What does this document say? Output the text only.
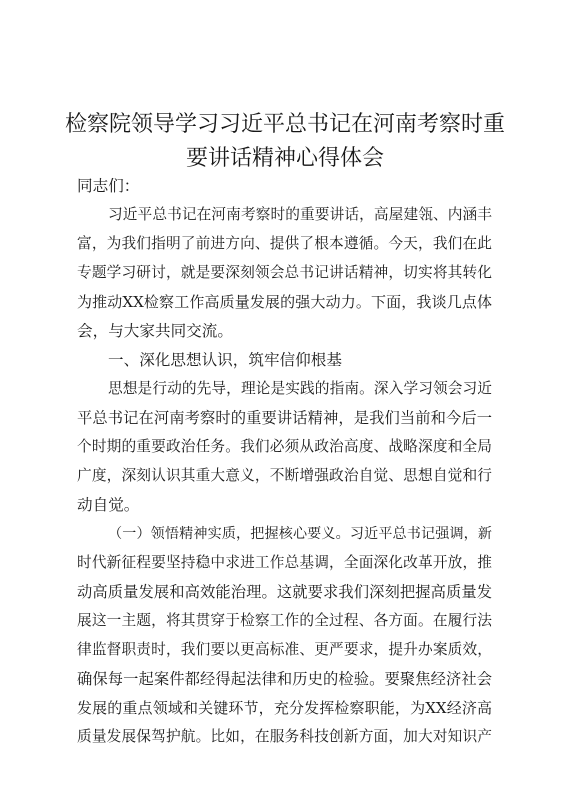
检察院领导学习习近平总书记在河南考察时重
要讲话精神心得体会
同志们：
习近平总书记在河南考察时的重要讲话，高屋建瓴、内涵丰
富，为我们指明了前进方向、提供了根本遵循。今天，我们在此
专题学习研讨，就是要深刻领会总书记讲话精神，切实将其转化
为推动XX检察工作高质量发展的强大动力。下面，我谈几点体
会，与大家共同交流。
一、深化思想认识，筑牢信仰根基
思想是行动的先导，理论是实践的指南。深入学习领会习近
平总书记在河南考察时的重要讲话精神，是我们当前和今后一
个时期的重要政治任务。我们必须从政治高度、战略深度和全局
广度，深刻认识其重大意义，不断增强政治自觉、思想自觉和行
动自觉。
（一）领悟精神实质，把握核心要义。习近平总书记强调，新
时代新征程要坚持稳中求进工作总基调，全面深化改革开放，推
动高质量发展和高效能治理。这就要求我们深刻把握高质量发
展这一主题，将其贯穿于检察工作的全过程、各方面。在履行法
律监督职责时，我们要以更高标准、更严要求，提升办案质效，
确保每一起案件都经得起法律和历史的检验。要聚焦经济社会
发展的重点领域和关键环节，充分发挥检察职能，为XX经济高
质量发展保驾护航。比如，在服务科技创新方面，加大对知识产
